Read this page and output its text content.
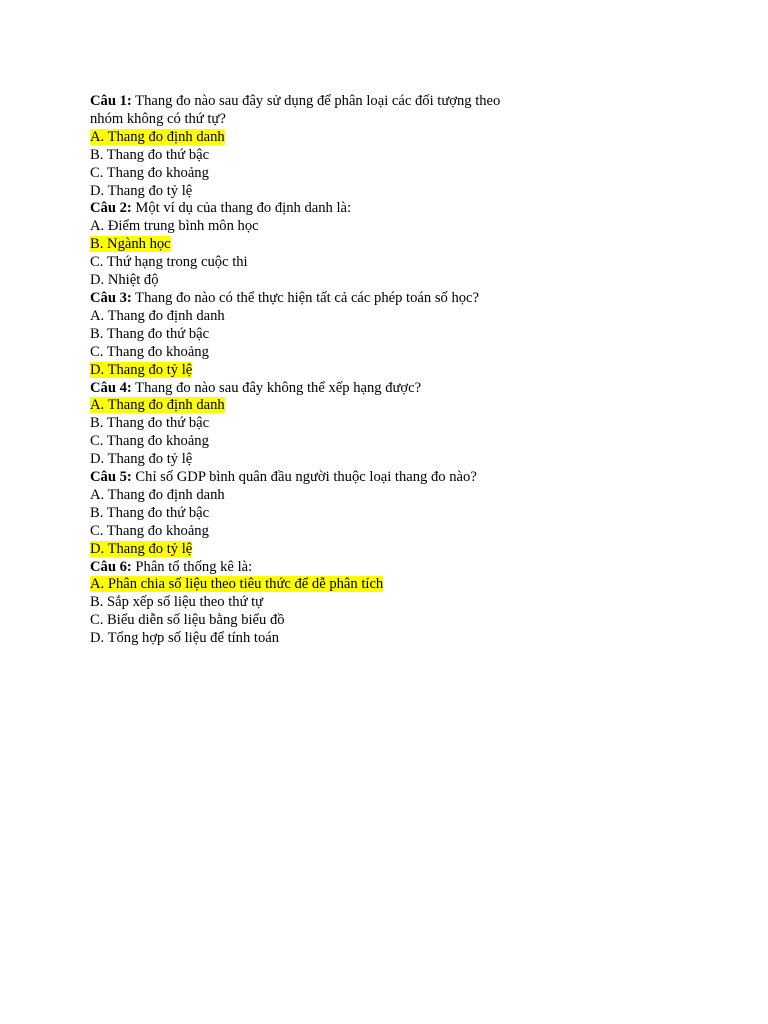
Câu 1: Thang đo nào sau đây sử dụng để phân loại các đối tượng theo nhóm không có thứ tự?
A. Thang đo định danh
B. Thang đo thứ bậc
C. Thang đo khoảng
D. Thang đo tỷ lệ
Câu 2: Một ví dụ của thang đo định danh là:
A. Điểm trung bình môn học
B. Ngành học
C. Thứ hạng trong cuộc thi
D. Nhiệt độ
Câu 3: Thang đo nào có thể thực hiện tất cả các phép toán số học?
A. Thang đo định danh
B. Thang đo thứ bậc
C. Thang đo khoảng
D. Thang đo tỷ lệ
Câu 4: Thang đo nào sau đây không thể xếp hạng được?
A. Thang đo định danh
B. Thang đo thứ bậc
C. Thang đo khoảng
D. Thang đo tỷ lệ
Câu 5: Chỉ số GDP bình quân đầu người thuộc loại thang đo nào?
A. Thang đo định danh
B. Thang đo thứ bậc
C. Thang đo khoảng
D. Thang đo tỷ lệ
Câu 6: Phân tổ thống kê là:
A. Phân chia số liệu theo tiêu thức để dễ phân tích
B. Sắp xếp số liệu theo thứ tự
C. Biểu diễn số liệu bằng biểu đồ
D. Tổng hợp số liệu để tính toán
